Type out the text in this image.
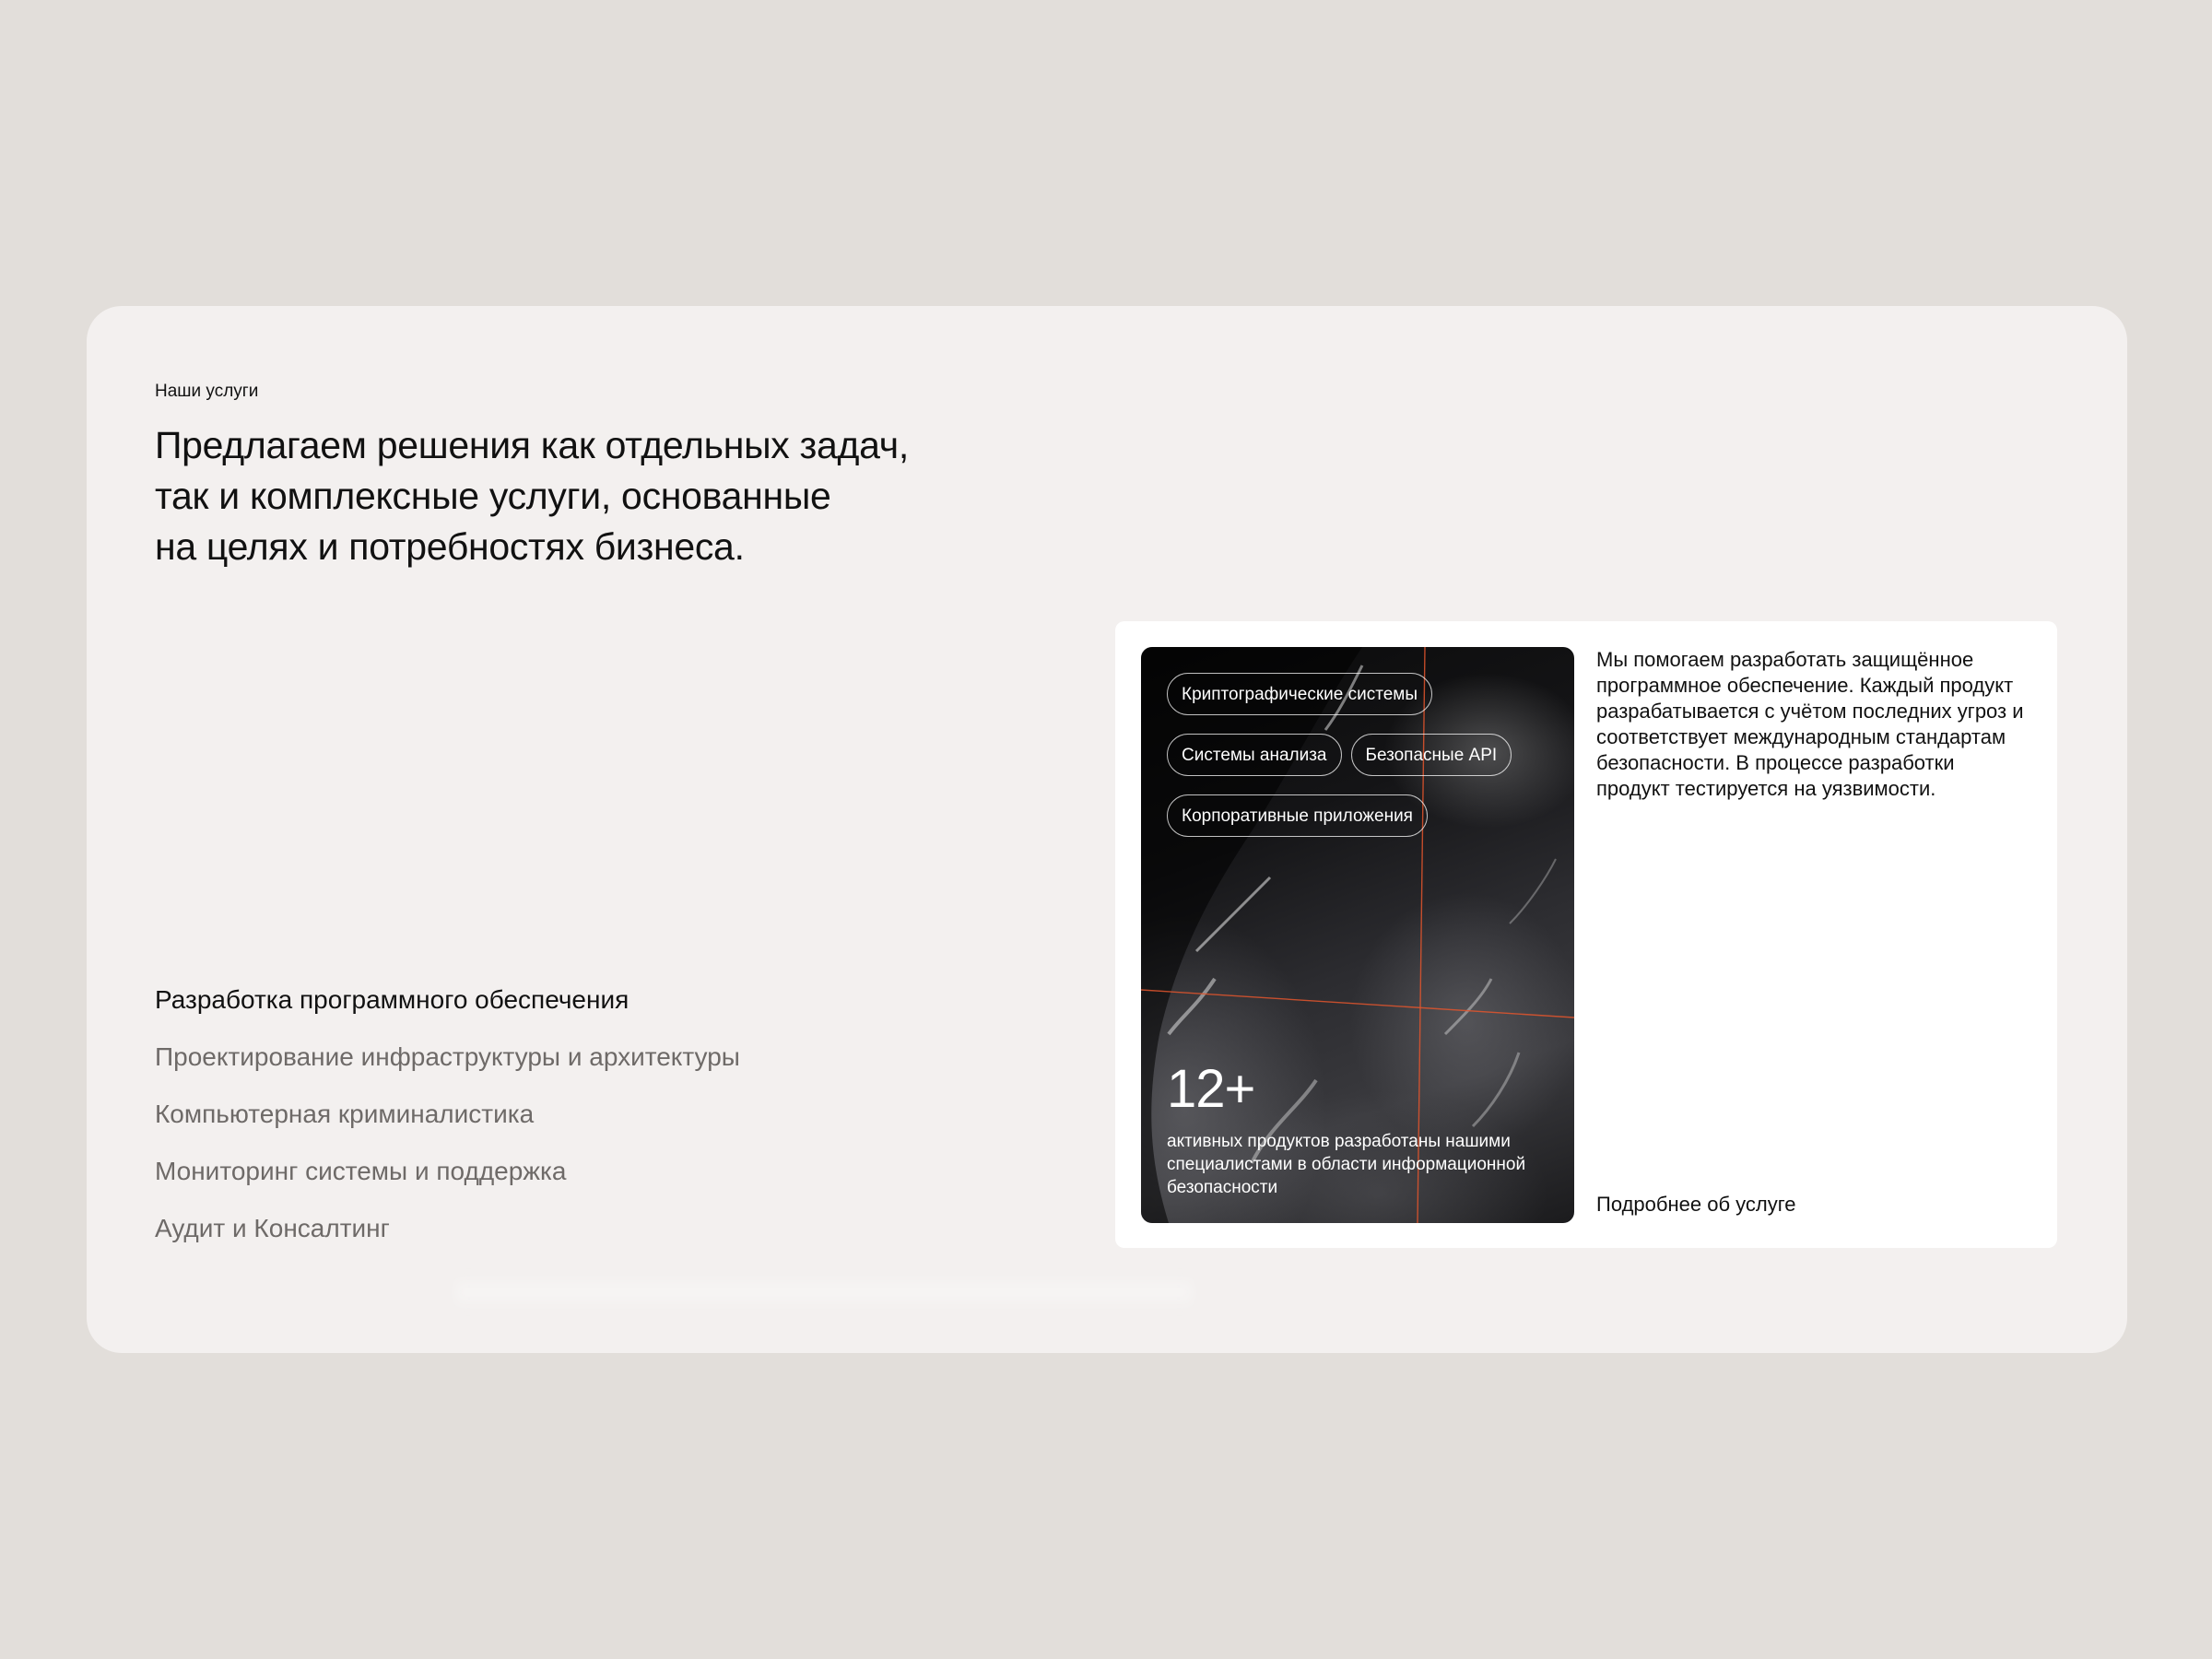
Наши услуги
Предлагаем решения как отдельных задач,
так и комплексные услуги, основанные
на целях и потребностях бизнеса.
Разработка программного обеспечения
Проектирование инфраструктуры и архитектуры
Компьютерная криминалистика
Мониторинг системы и поддержка
Аудит и Консалтинг
Криптографические системы
Системы анализа	Безопасные API
Корпоративные приложения
12+
активных продуктов разработаны нашими специалистами в области информационной безопасности

Мы помогаем разработать защищённое программное обеспечение. Каждый продукт разрабатывается с учётом последних угроз и соответствует международным стандартам безопасности. В процессе разработки продукт тестируется на уязвимости.

Подробнее об услуге
